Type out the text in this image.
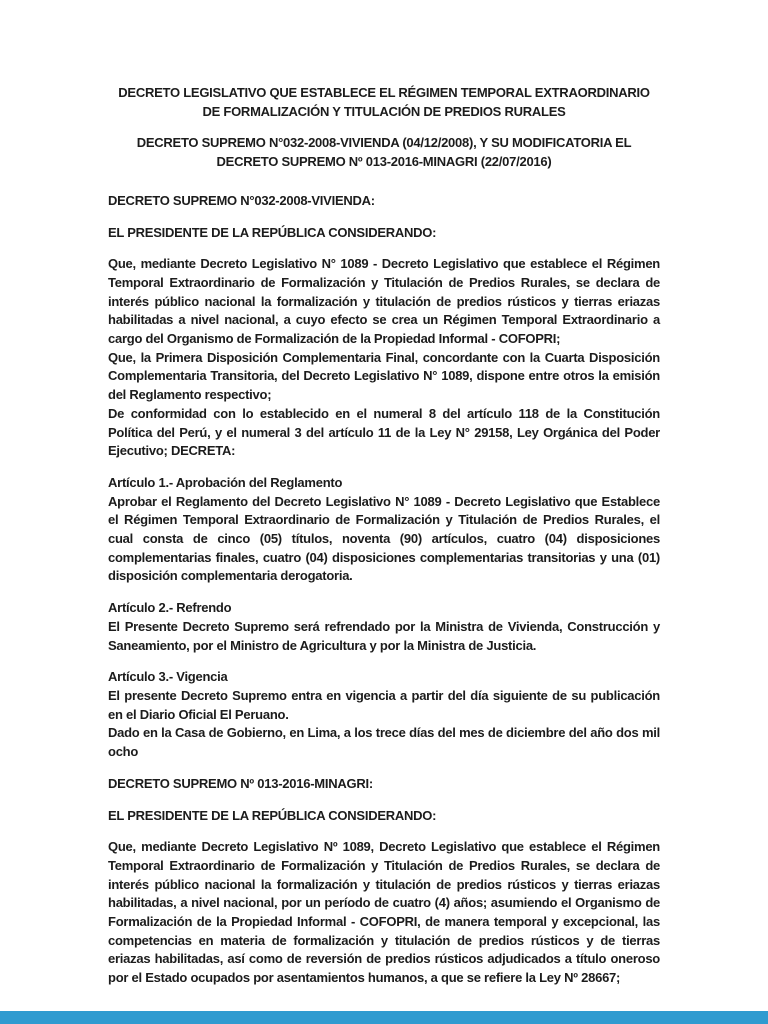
DECRETO LEGISLATIVO QUE ESTABLECE EL RÉGIMEN TEMPORAL EXTRAORDINARIO DE FORMALIZACIÓN Y TITULACIÓN DE PREDIOS RURALES

DECRETO SUPREMO N°032-2008-VIVIENDA (04/12/2008), Y SU MODIFICATORIA EL DECRETO SUPREMO Nº 013-2016-MINAGRI (22/07/2016)

DECRETO SUPREMO N°032-2008-VIVIENDA:

EL PRESIDENTE DE LA REPÚBLICA CONSIDERANDO:

Que, mediante Decreto Legislativo N° 1089 - Decreto Legislativo que establece el Régimen Temporal Extraordinario de Formalización y Titulación de Predios Rurales, se declara de interés público nacional la formalización y titulación de predios rústicos y tierras eriazas habilitadas a nivel nacional, a cuyo efecto se crea un Régimen Temporal Extraordinario a cargo del Organismo de Formalización de la Propiedad Informal - COFOPRI;

Que, la Primera Disposición Complementaria Final, concordante con la Cuarta Disposición Complementaria Transitoria, del Decreto Legislativo N° 1089, dispone entre otros la emisión del Reglamento respectivo;

De conformidad con lo establecido en el numeral 8 del artículo 118 de la Constitución Política del Perú, y el numeral 3 del artículo 11 de la Ley N° 29158, Ley Orgánica del Poder Ejecutivo; DECRETA:

Artículo 1.- Aprobación del Reglamento

Aprobar el Reglamento del Decreto Legislativo N° 1089 - Decreto Legislativo que Establece el Régimen Temporal Extraordinario de Formalización y Titulación de Predios Rurales, el cual consta de cinco (05) títulos, noventa (90) artículos, cuatro (04) disposiciones complementarias finales, cuatro (04) disposiciones complementarias transitorias y una (01) disposición complementaria derogatoria.

Artículo 2.- Refrendo

El Presente Decreto Supremo será refrendado por la Ministra de Vivienda, Construcción y Saneamiento, por el Ministro de Agricultura y por la Ministra de Justicia.

Artículo 3.- Vigencia

El presente Decreto Supremo entra en vigencia a partir del día siguiente de su publicación en el Diario Oficial El Peruano.

Dado en la Casa de Gobierno, en Lima, a los trece días del mes de diciembre del año dos mil ocho

DECRETO SUPREMO Nº 013-2016-MINAGRI:

EL PRESIDENTE DE LA REPÚBLICA CONSIDERANDO:

Que, mediante Decreto Legislativo Nº 1089, Decreto Legislativo que establece el Régimen Temporal Extraordinario de Formalización y Titulación de Predios Rurales, se declara de interés público nacional la formalización y titulación de predios rústicos y tierras eriazas habilitadas, a nivel nacional, por un período de cuatro (4) años; asumiendo el Organismo de Formalización de la Propiedad Informal - COFOPRI, de manera temporal y excepcional, las competencias en materia de formalización y titulación de predios rústicos y de tierras eriazas habilitadas, así como de reversión de predios rústicos adjudicados a título oneroso por el Estado ocupados por asentamientos humanos, a que se refiere la Ley Nº 28667;
